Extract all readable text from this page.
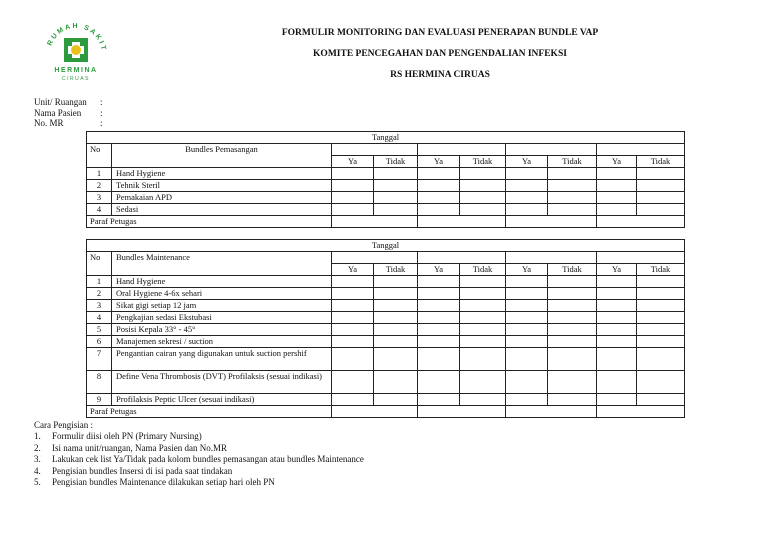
RUMAH SAKIT
HERMINA
CIRUAS
FORMULIR MONITORING DAN EVALUASI PENERAPAN BUNDLE VAP
KOMITE PENCEGAHAN DAN PENGENDALIAN INFEKSI
RS HERMINA CIRUAS
Unit/ Ruangan	:
Nama Pasien	:
No. MR	:
Tanggal									
No	Bundles Pemasangan								
		Ya	Tidak	Ya	Tidak	Ya	Tidak	Ya	Tidak
1	Hand Hygiene								
2	Tehnik Steril								
3	Pemakaian APD								
4	Sedasi								
Paraf Petugas									
Tanggal									
No	Bundles Maintenance								
		Ya	Tidak	Ya	Tidak	Ya	Tidak	Ya	Tidak
1	Hand Hygiene								
2	Oral Hygiene 4-6x sehari								
3	Sikat gigi setiap 12 jam								
4	Pengkajian sedasi Ekstubasi								
5	Posisi Kepala 33° - 45°								
6	Manajemen sekresi / suction								
7	Pengantian cairan yang digunakan untuk suction pershif								
8	Define Vena Thrombosis (DVT) Profilaksis (sesuai indikasi)								
9	Profilaksis Peptic Ulcer (sesuai indikasi)								
Paraf Petugas									
Cara Pengisian :
1.	Formulir diisi oleh PN (Primary Nursing)
2.	Isi nama unit/ruangan, Nama Pasien dan No.MR
3.	Lakukan cek list Ya/Tidak pada kolom bundles pemasangan atau bundles Maintenance
4.	Pengisian bundles Insersi di isi pada saat tindakan
5.	Pengisian bundles Maintenance dilakukan setiap hari oleh PN
